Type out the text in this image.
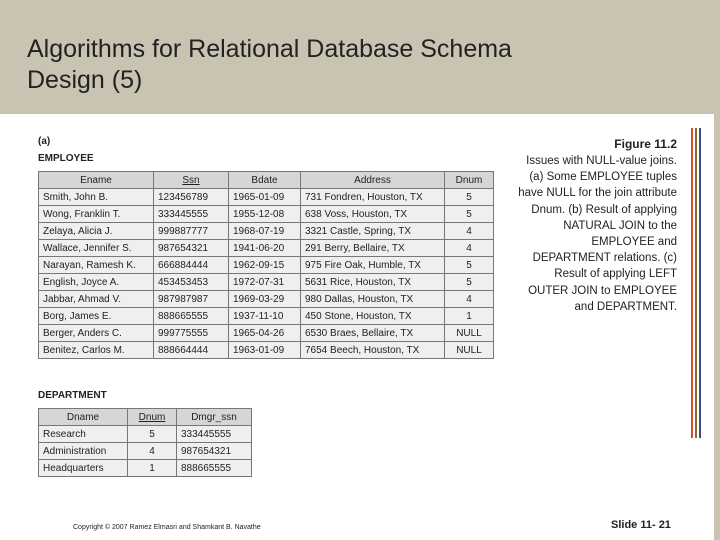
Algorithms for Relational Database Schema
Design (5)
(a)
EMPLOYEE
Ename	Ssn	Bdate	Address	Dnum
Smith, John B.	123456789	1965-01-09	731 Fondren, Houston, TX	5
Wong, Franklin T.	333445555	1955-12-08	638 Voss, Houston, TX	5
Zelaya, Alicia J.	999887777	1968-07-19	3321 Castle, Spring, TX	4
Wallace, Jennifer S.	987654321	1941-06-20	291 Berry, Bellaire, TX	4
Narayan, Ramesh K.	666884444	1962-09-15	975 Fire Oak, Humble, TX	5
English, Joyce A.	453453453	1972-07-31	5631 Rice, Houston, TX	5
Jabbar, Ahmad V.	987987987	1969-03-29	980 Dallas, Houston, TX	4
Borg, James E.	888665555	1937-11-10	450 Stone, Houston, TX	1
Berger, Anders C.	999775555	1965-04-26	6530 Braes, Bellaire, TX	NULL
Benitez, Carlos M.	888664444	1963-01-09	7654 Beech, Houston, TX	NULL
DEPARTMENT
Dname	Dnum	Dmgr_ssn
Research	5	333445555
Administration	4	987654321
Headquarters	1	888665555
Figure 11.2
Issues with NULL-value joins. (a) Some EMPLOYEE tuples have NULL for the join attribute Dnum. (b) Result of applying NATURAL JOIN to the EMPLOYEE and DEPARTMENT relations. (c) Result of applying LEFT OUTER JOIN to EMPLOYEE and DEPARTMENT.
Copyright © 2007 Ramez Elmasri and Shamkant B. Navathe	Slide 11- 21
